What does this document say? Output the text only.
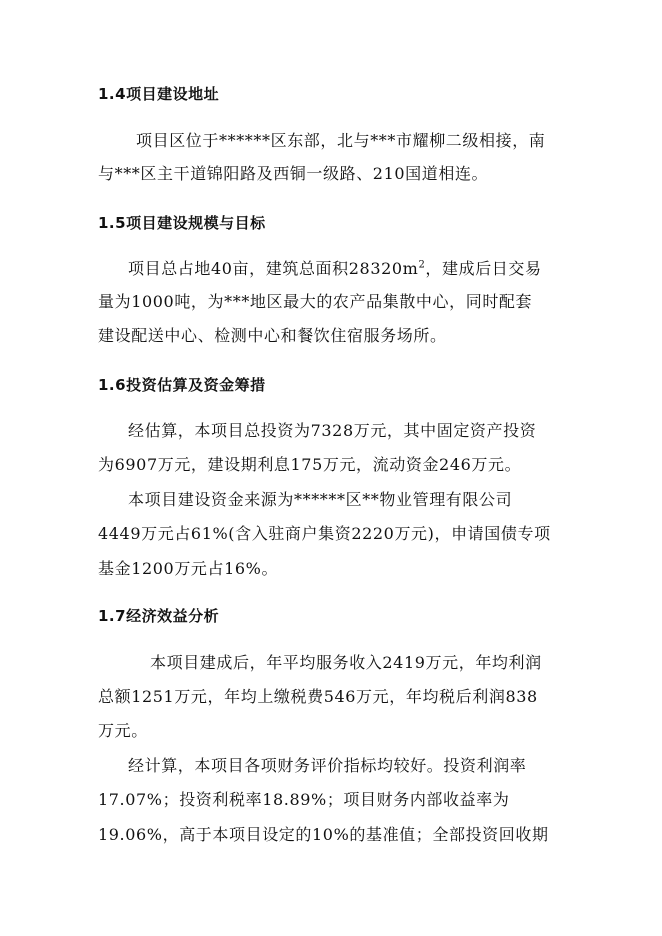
1.4项目建设地址
项目区位于******区东部，北与***市耀柳二级相接，南
与***区主干道锦阳路及西铜一级路、210国道相连。
1.5项目建设规模与目标
项目总占地40亩，建筑总面积$28320m^2$，建成后日交易
量为1000吨，为***地区最大的农产品集散中心，同时配套
建设配送中心、检测中心和餐饮住宿服务场所。
1.6投资估算及资金筹措
经估算，本项目总投资为7328万元，其中固定资产投资
为6907万元，建设期利息175万元，流动资金246万元。
本项目建设资金来源为******区**物业管理有限公司
4449万元占61%(含入驻商户集资2220万元)，申请国债专项
基金1200万元占16%。
1.7经济效益分析
本项目建成后，年平均服务收入2419万元，年均利润
总额1251万元，年均上缴税费546万元，年均税后利润838
万元。
经计算，本项目各项财务评价指标均较好。投资利润率
17.07%；投资利税率18.89%；项目财务内部收益率为
19.06%，高于本项目设定的10%的基准值；全部投资回收期
